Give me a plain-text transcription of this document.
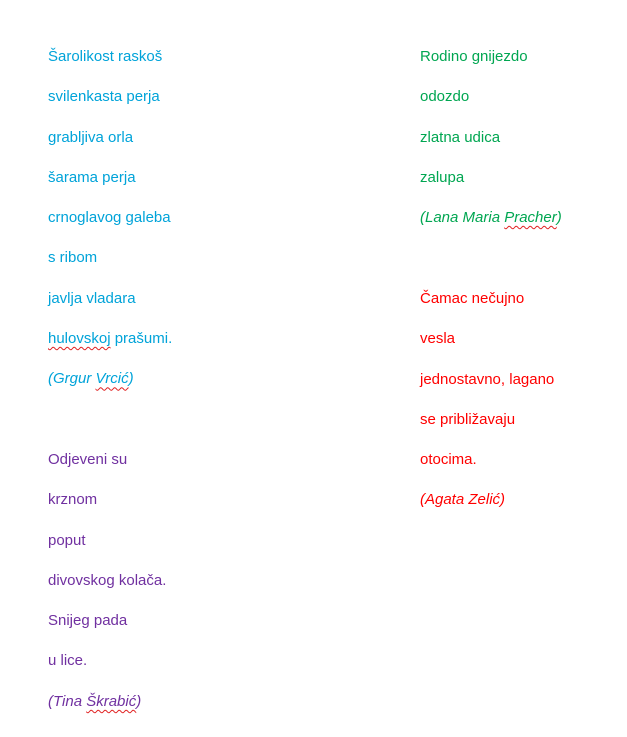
Šarolikost raskoš
svilenkasta perja
grabljiva orla
šarama perja
crnoglavog galeba
s ribom
javlja vladara
hulovskoj prašumi.
(Grgur Vrcić)
Odjeveni su
krznom
poput
divovskog kolača.
Snijeg pada
u lice.
(Tina Škrabić)
Rodino gnijezdo
odozdo
zlatna udica
zalupa
(Lana Maria Pracher)
Čamac nečujno
vesla
jednostavno, lagano
se približavaju
otocima.
(Agata Zelić)
